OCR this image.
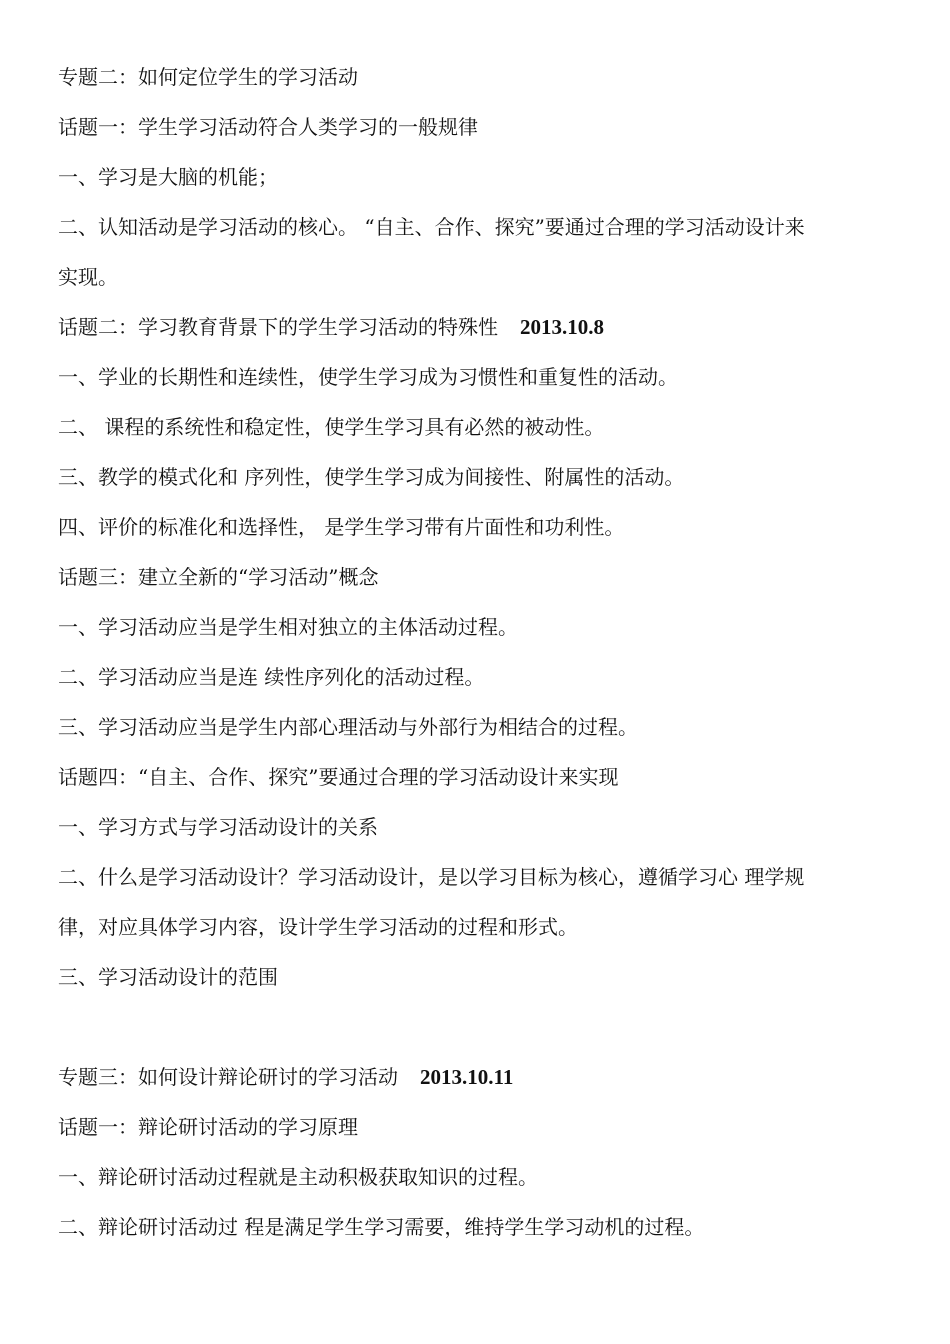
专题二：如何定位学生的学习活动
话题一：学生学习活动符合人类学习的一般规律
一、学习是大脑的机能；
二、认知活动是学习活动的核心。 “自主、合作、探究”要通过合理的学习活动设计来
实现。
话题二：学习教育背景下的学生学习活动的特殊性 2013.10.8
一、学业的长期性和连续性，使学生学习成为习惯性和重复性的活动。
二、 课程的系统性和稳定性，使学生学习具有必然的被动性。
三、教学的模式化和 序列性，使学生学习成为间接性、附属性的活动。
四、评价的标准化和选择性， 是学生学习带有片面性和功利性。
话题三：建立全新的“学习活动”概念
一、学习活动应当是学生相对独立的主体活动过程。
二、学习活动应当是连 续性序列化的活动过程。
三、学习活动应当是学生内部心理活动与外部行为相结合的过程。
话题四：“自主、合作、探究”要通过合理的学习活动设计来实现
一、学习方式与学习活动设计的关系
二、什么是学习活动设计？学习活动设计，是以学习目标为核心，遵循学习心 理学规
律，对应具体学习内容，设计学生学习活动的过程和形式。
三、学习活动设计的范围
专题三：如何设计辩论研讨的学习活动 2013.10.11
话题一：辩论研讨活动的学习原理
一、辩论研讨活动过程就是主动积极获取知识的过程。
二、辩论研讨活动过 程是满足学生学习需要，维持学生学习动机的过程。
